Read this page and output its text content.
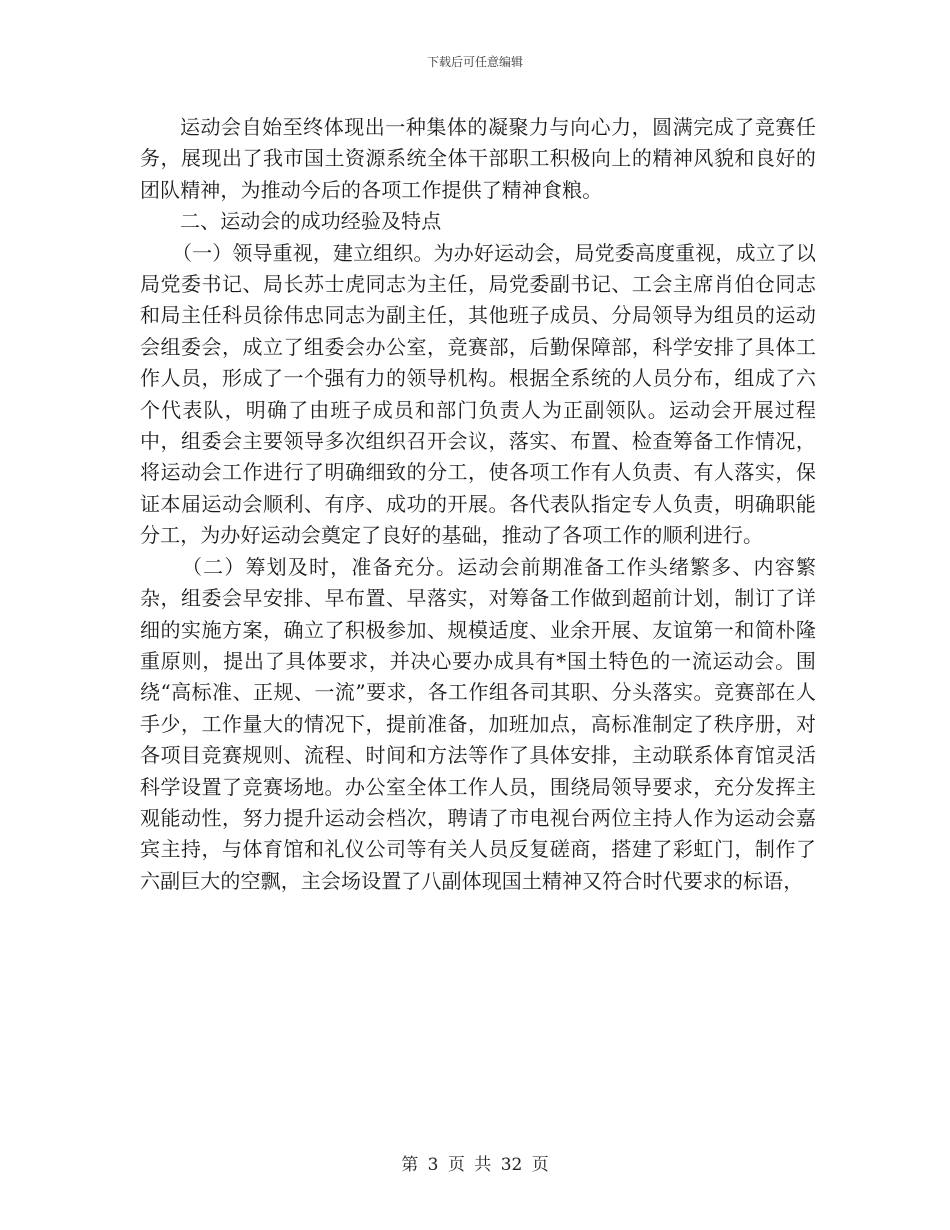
下载后可任意编辑

运动会自始至终体现出一种集体的凝聚力与向心力，圆满完成了竞赛任务，展现出了我市国土资源系统全体干部职工积极向上的精神风貌和良好的团队精神，为推动今后的各项工作提供了精神食粮。

二、运动会的成功经验及特点

（一）领导重视，建立组织。为办好运动会，局党委高度重视，成立了以局党委书记、局长苏士虎同志为主任，局党委副书记、工会主席肖伯仓同志和局主任科员徐伟忠同志为副主任，其他班子成员、分局领导为组员的运动会组委会，成立了组委会办公室，竞赛部，后勤保障部，科学安排了具体工作人员，形成了一个强有力的领导机构。根据全系统的人员分布，组成了六个代表队，明确了由班子成员和部门负责人为正副领队。运动会开展过程中，组委会主要领导多次组织召开会议，落实、布置、检查筹备工作情况，将运动会工作进行了明确细致的分工，使各项工作有人负责、有人落实，保证本届运动会顺利、有序、成功的开展。各代表队指定专人负责，明确职能分工，为办好运动会奠定了良好的基础，推动了各项工作的顺利进行。

（二）筹划及时，准备充分。运动会前期准备工作头绪繁多、内容繁杂，组委会早安排、早布置、早落实，对筹备工作做到超前计划，制订了详细的实施方案，确立了积极参加、规模适度、业余开展、友谊第一和简朴隆重原则，提出了具体要求，并决心要办成具有*国土特色的一流运动会。围绕“高标准、正规、一流”要求，各工作组各司其职、分头落实。竞赛部在人手少，工作量大的情况下，提前准备，加班加点，高标准制定了秩序册，对各项目竞赛规则、流程、时间和方法等作了具体安排，主动联系体育馆灵活科学设置了竞赛场地。办公室全体工作人员，围绕局领导要求，充分发挥主观能动性，努力提升运动会档次，聘请了市电视台两位主持人作为运动会嘉宾主持，与体育馆和礼仪公司等有关人员反复磋商，搭建了彩虹门，制作了六副巨大的空飘，主会场设置了八副体现国土精神又符合时代要求的标语，

第 3 页 共 32 页
